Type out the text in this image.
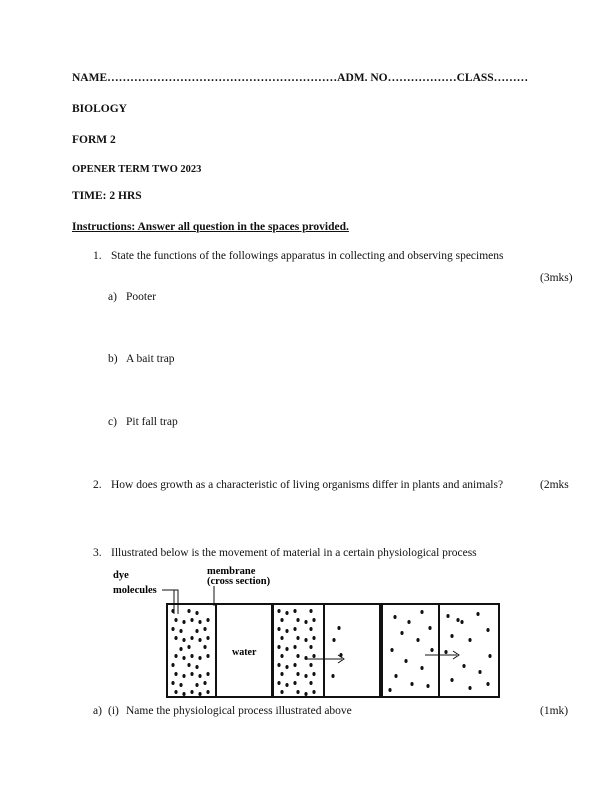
NAME……………………………………………………ADM. NO………………CLASS………
BIOLOGY
FORM 2
OPENER TERM TWO 2023
TIME: 2 HRS
Instructions: Answer all question in the spaces provided.
1. State the functions of the followings apparatus in collecting and observing specimens
(3mks)
a) Pooter
b) A bait trap
c) Pit fall trap
2. How does growth as a characteristic of living organisms differ in plants and animals?	(2mks
3. Illustrated below is the movement of material in a certain physiological process
dye
molecules
membrane
(cross section)
water
a) (i) Name the physiological process illustrated above	(1mk)
